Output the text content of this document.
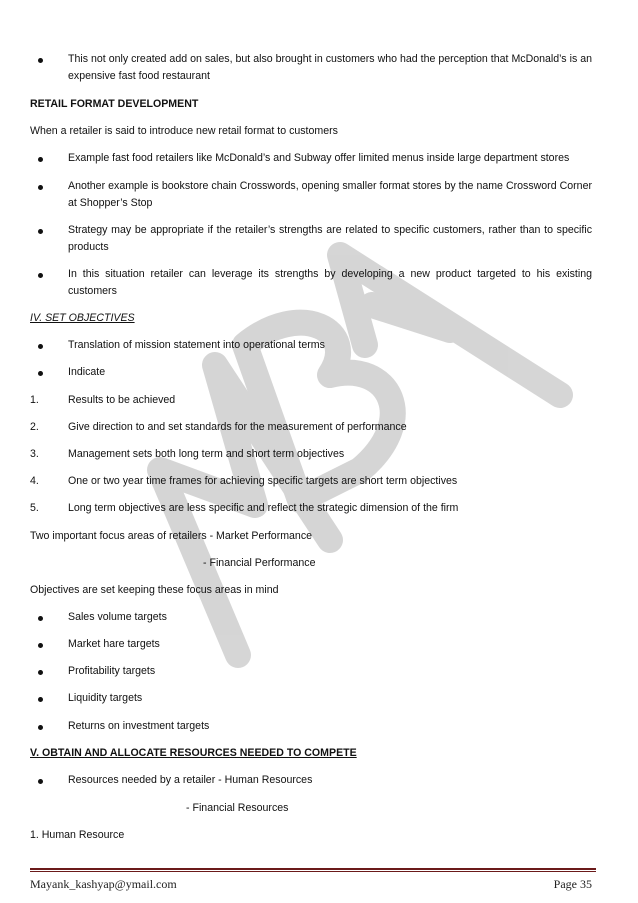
This not only created add on sales, but also brought in customers who had the perception that McDonald’s is an expensive fast food restaurant
RETAIL FORMAT DEVELOPMENT
When a retailer is said to introduce new retail format to customers
Example fast food retailers like McDonald’s and Subway offer limited menus inside large department stores
Another example is bookstore chain Crosswords, opening smaller format stores by the name Crossword Corner at Shopper’s Stop
Strategy may be appropriate if the retailer’s strengths are related to specific customers, rather than to specific products
In this situation retailer can leverage its strengths by developing a new product targeted to his existing customers
IV. SET OBJECTIVES
Translation of mission statement into operational terms
Indicate
1.	Results to be achieved
2.	Give direction to and set standards for the measurement of performance
3.	Management sets both long term and short term objectives
4.	One or two year time frames for achieving specific targets are short term objectives
5.	Long term objectives are less specific and reflect the strategic dimension of the firm
Two important focus areas of retailers - Market Performance
- Financial Performance
Objectives are set keeping these focus areas in mind
Sales volume targets
Market hare targets
Profitability targets
Liquidity targets
Returns on investment targets
V. OBTAIN AND ALLOCATE RESOURCES NEEDED TO COMPETE
Resources needed by a retailer - Human Resources
- Financial Resources
1. Human Resource
Mayank_kashyap@ymail.com	Page 35
